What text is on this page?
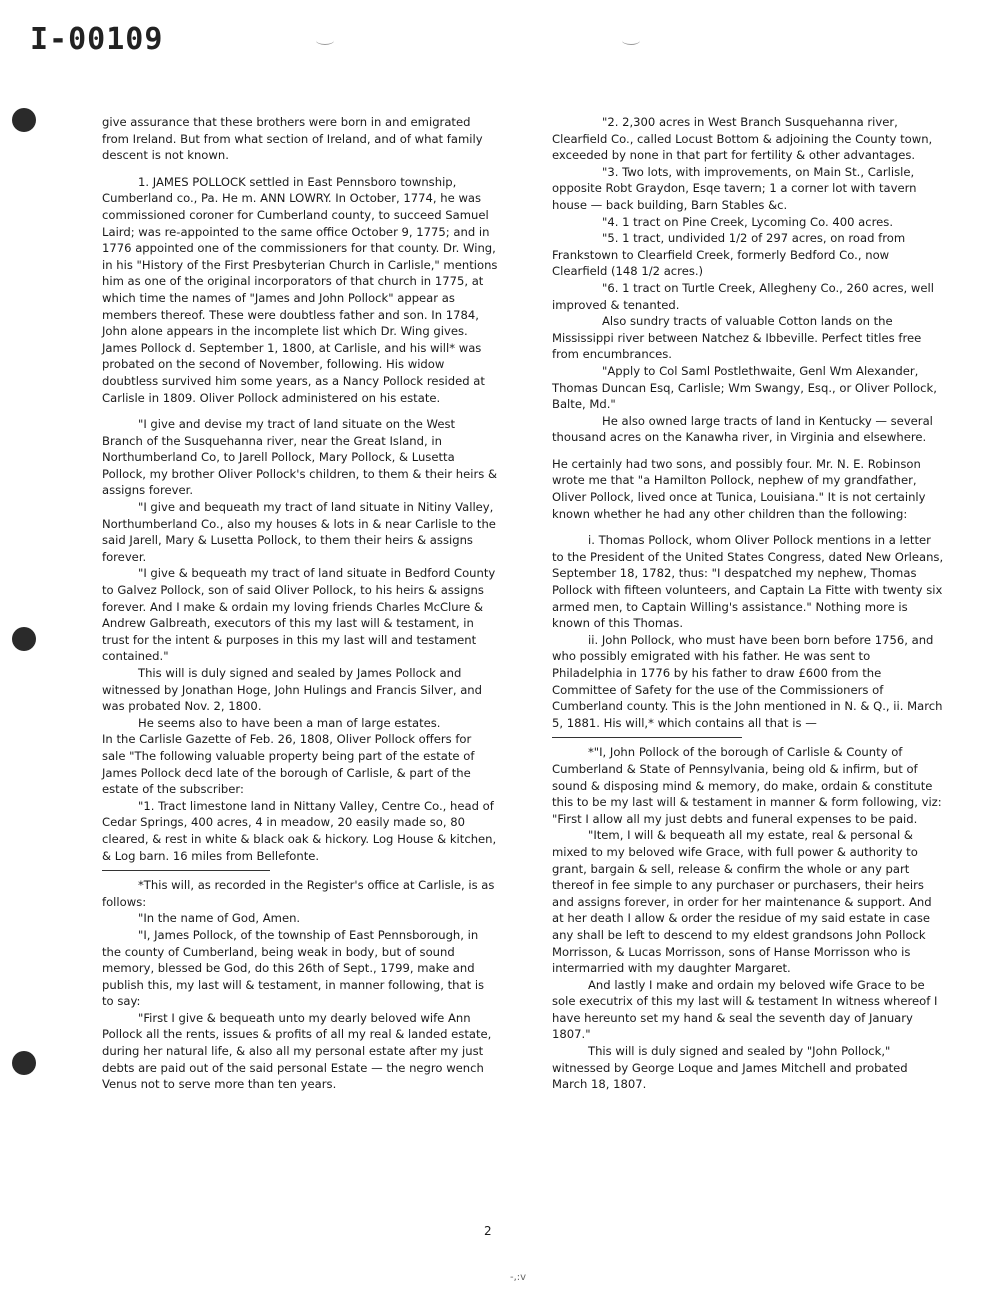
I-00109

give assurance that these brothers were born in and emigrated from Ireland. But from what section of Ireland, and of what family descent is not known.

1. JAMES POLLOCK settled in East Pennsboro township, Cumberland co., Pa. He m. ANN LOWRY. In October, 1774, he was commissioned coroner for Cumberland county, to succeed Samuel Laird; was re-appointed to the same office October 9, 1775; and in 1776 appointed one of the commissioners for that county. Dr. Wing, in his "History of the First Presbyterian Church in Carlisle," mentions him as one of the original incorporators of that church in 1775, at which time the names of "James and John Pollock" appear as members thereof. These were doubtless father and son. In 1784, John alone appears in the incomplete list which Dr. Wing gives. James Pollock d. September 1, 1800, at Carlisle, and his will* was probated on the second of November, following. His widow doubtless survived him some years, as a Nancy Pollock resided at Carlisle in 1809. Oliver Pollock administered on his estate.

"I give and devise my tract of land situate on the West Branch of the Susquehanna river, near the Great Island, in Northumberland Co, to Jarell Pollock, Mary Pollock, & Lusetta Pollock, my brother Oliver Pollock's children, to them & their heirs & assigns forever.

"I give and bequeath my tract of land situate in Nitiny Valley, Northumberland Co., also my houses & lots in & near Carlisle to the said Jarell, Mary & Lusetta Pollock, to them their heirs & assigns forever.

"I give & bequeath my tract of land situate in Bedford County to Galvez Pollock, son of said Oliver Pollock, to his heirs & assigns forever. And I make & ordain my loving friends Charles McClure & Andrew Galbreath, executors of this my last will & testament, in trust for the intent & purposes in this my last will and testament contained."

This will is duly signed and sealed by James Pollock and witnessed by Jonathan Hoge, John Hulings and Francis Silver, and was probated Nov. 2, 1800.

He seems also to have been a man of large estates.

In the Carlisle Gazette of Feb. 26, 1808, Oliver Pollock offers for sale "The following valuable property being part of the estate of James Pollock decd late of the borough of Carlisle, & part of the estate of the subscriber:

"1. Tract limestone land in Nittany Valley, Centre Co., head of Cedar Springs, 400 acres, 4 in meadow, 20 easily made so, 80 cleared, & rest in white & black oak & hickory. Log House & kitchen, & Log barn. 16 miles from Bellefonte.

*This will, as recorded in the Register's office at Carlisle, is as follows:

"In the name of God, Amen.

"I, James Pollock, of the township of East Pennsborough, in the county of Cumberland, being weak in body, but of sound memory, blessed be God, do this 26th of Sept., 1799, make and publish this, my last will & testament, in manner following, that is to say:

"First I give & bequeath unto my dearly beloved wife Ann Pollock all the rents, issues & profits of all my real & landed estate, during her natural life, & also all my personal estate after my just debts are paid out of the said personal Estate — the negro wench Venus not to serve more than ten years.

"2. 2,300 acres in West Branch Susquehanna river, Clearfield Co., called Locust Bottom & adjoining the County town, exceeded by none in that part for fertility & other advantages.

"3. Two lots, with improvements, on Main St., Carlisle, opposite Robt Graydon, Esqe tavern; 1 a corner lot with tavern house — back building, Barn Stables &c.

"4. 1 tract on Pine Creek, Lycoming Co. 400 acres.

"5. 1 tract, undivided 1/2 of 297 acres, on road from Frankstown to Clearfield Creek, formerly Bedford Co., now Clearfield (148 1/2 acres.)

"6. 1 tract on Turtle Creek, Allegheny Co., 260 acres, well improved & tenanted.

Also sundry tracts of valuable Cotton lands on the Mississippi river between Natchez & Ibbeville. Perfect titles free from encumbrances.

"Apply to Col Saml Postlethwaite, Genl Wm Alexander, Thomas Duncan Esq, Carlisle; Wm Swangy, Esq., or Oliver Pollock, Baltе, Md."

He also owned large tracts of land in Kentucky — several thousand acres on the Kanawha river, in Virginia and elsewhere.

He certainly had two sons, and possibly four. Mr. N. E. Robinson wrote me that "a Hamilton Pollock, nephew of my grandfather, Oliver Pollock, lived once at Tunica, Louisiana." It is not certainly known whether he had any other children than the following:

i. Thomas Pollock, whom Oliver Pollock mentions in a letter to the President of the United States Congress, dated New Orleans, September 18, 1782, thus: "I despatched my nephew, Thomas Pollock with fifteen volunteers, and Captain La Fitte with twenty six armed men, to Captain Willing's assistance." Nothing more is known of this Thomas.

ii. John Pollock, who must have been born before 1756, and who possibly emigrated with his father. He was sent to Philadelphia in 1776 by his father to draw £600 from the Committee of Safety for the use of the Commissioners of Cumberland county. This is the John mentioned in N. & Q., ii. March 5, 1881. His will,* which contains all that is —

*"I, John Pollock of the borough of Carlisle & County of Cumberland & State of Pennsylvania, being old & infirm, but of sound & disposing mind & memory, do make, ordain & constitute this to be my last will & testament in manner & form following, viz: "First I allow all my just debts and funeral expenses to be paid.

"Item, I will & bequeath all my estate, real & personal & mixed to my beloved wife Grace, with full power & authority to grant, bargain & sell, release & confirm the whole or any part thereof in fee simple to any purchaser or purchasers, their heirs and assigns forever, in order for her maintenance & support. And at her death I allow & order the residue of my said estate in case any shall be left to descend to my eldest grandsons John Pollock Morrisson, & Lucas Morrisson, sons of Hanse Morrisson who is intermarried with my daughter Margaret.

And lastly I make and ordain my beloved wife Grace to be sole executrix of this my last will & testament In witness whereof I have hereunto set my hand & seal the seventh day of January 1807."

This will is duly signed and sealed by "John Pollock," witnessed by George Loque and James Mitchell and probated March 18, 1807.

2
-,:v
